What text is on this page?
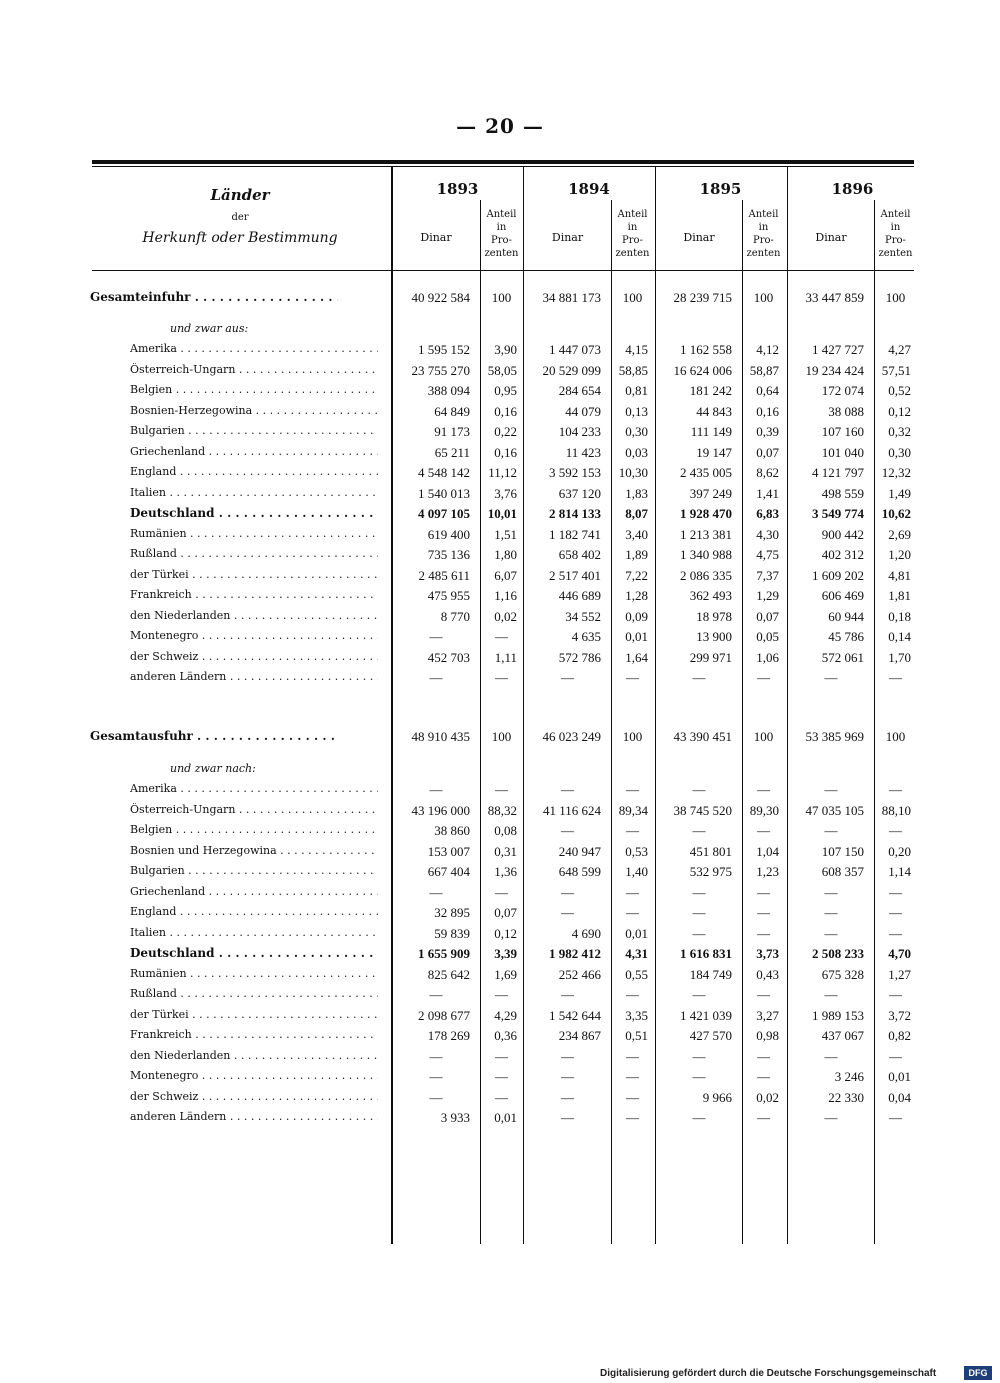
— 20 —
Länder
der
Herkunft oder Bestimmung
1893
Dinar
Anteil
in
Pro-
zenten
1894
Dinar
Anteil
in
Pro-
zenten
1895
Dinar
Anteil
in
Pro-
zenten
1896
Dinar
Anteil
in
Pro-
zenten
Gesamteinfuhr . . .	40 922 584	100	34 881 173	100	28 239 715	100	33 447 859	100
und zwar aus:
Amerika . . .	1 595 152	3,90	1 447 073	4,15	1 162 558	4,12	1 427 727	4,27
Österreich-Ungarn . . .	23 755 270	58,05	20 529 099	58,85	16 624 006	58,87	19 234 424	57,51
Belgien . . .	388 094	0,95	284 654	0,81	181 242	0,64	172 074	0,52
Bosnien-Herzegowina . . .	64 849	0,16	44 079	0,13	44 843	0,16	38 088	0,12
Bulgarien . . .	91 173	0,22	104 233	0,30	111 149	0,39	107 160	0,32
Griechenland . . .	65 211	0,16	11 423	0,03	19 147	0,07	101 040	0,30
England . . .	4 548 142	11,12	3 592 153	10,30	2 435 005	8,62	4 121 797	12,32
Italien . . .	1 540 013	3,76	637 120	1,83	397 249	1,41	498 559	1,49
Deutschland . . .	4 097 105	10,01	2 814 133	8,07	1 928 470	6,83	3 549 774	10,62
Rumänien . . .	619 400	1,51	1 182 741	3,40	1 213 381	4,30	900 442	2,69
Rußland . . .	735 136	1,80	658 402	1,89	1 340 988	4,75	402 312	1,20
der Türkei . . .	2 485 611	6,07	2 517 401	7,22	2 086 335	7,37	1 609 202	4,81
Frankreich . . .	475 955	1,16	446 689	1,28	362 493	1,29	606 469	1,81
den Niederlanden . . .	8 770	0,02	34 552	0,09	18 978	0,07	60 944	0,18
Montenegro . . .	—	—	4 635	0,01	13 900	0,05	45 786	0,14
der Schweiz . . .	452 703	1,11	572 786	1,64	299 971	1,06	572 061	1,70
anderen Ländern . . .	—	—	—	—	—	—	—	—
Gesamtausfuhr . . .	48 910 435	100	46 023 249	100	43 390 451	100	53 385 969	100
und zwar nach:
Amerika . . .	—	—	—	—	—	—	—	—
Österreich-Ungarn . . .	43 196 000	88,32	41 116 624	89,34	38 745 520	89,30	47 035 105	88,10
Belgien . . .	38 860	0,08	—	—	—	—	—	—
Bosnien und Herzegowina . . .	153 007	0,31	240 947	0,53	451 801	1,04	107 150	0,20
Bulgarien . . .	667 404	1,36	648 599	1,40	532 975	1,23	608 357	1,14
Griechenland . . .	—	—	—	—	—	—	—	—
England . . .	32 895	0,07	—	—	—	—	—	—
Italien . . .	59 839	0,12	4 690	0,01	—	—	—	—
Deutschland . . .	1 655 909	3,39	1 982 412	4,31	1 616 831	3,73	2 508 233	4,70
Rumänien . . .	825 642	1,69	252 466	0,55	184 749	0,43	675 328	1,27
Rußland . . .	—	—	—	—	—	—	—	—
der Türkei . . .	2 098 677	4,29	1 542 644	3,35	1 421 039	3,27	1 989 153	3,72
Frankreich . . .	178 269	0,36	234 867	0,51	427 570	0,98	437 067	0,82
den Niederlanden . . .	—	—	—	—	—	—	—	—
Montenegro . . .	—	—	—	—	—	—	3 246	0,01
der Schweiz . . .	—	—	—	—	9 966	0,02	22 330	0,04
anderen Ländern . . .	3 933	0,01	—	—	—	—	—	—
Digitalisierung gefördert durch die Deutsche Forschungsgemeinschaft	DFG
